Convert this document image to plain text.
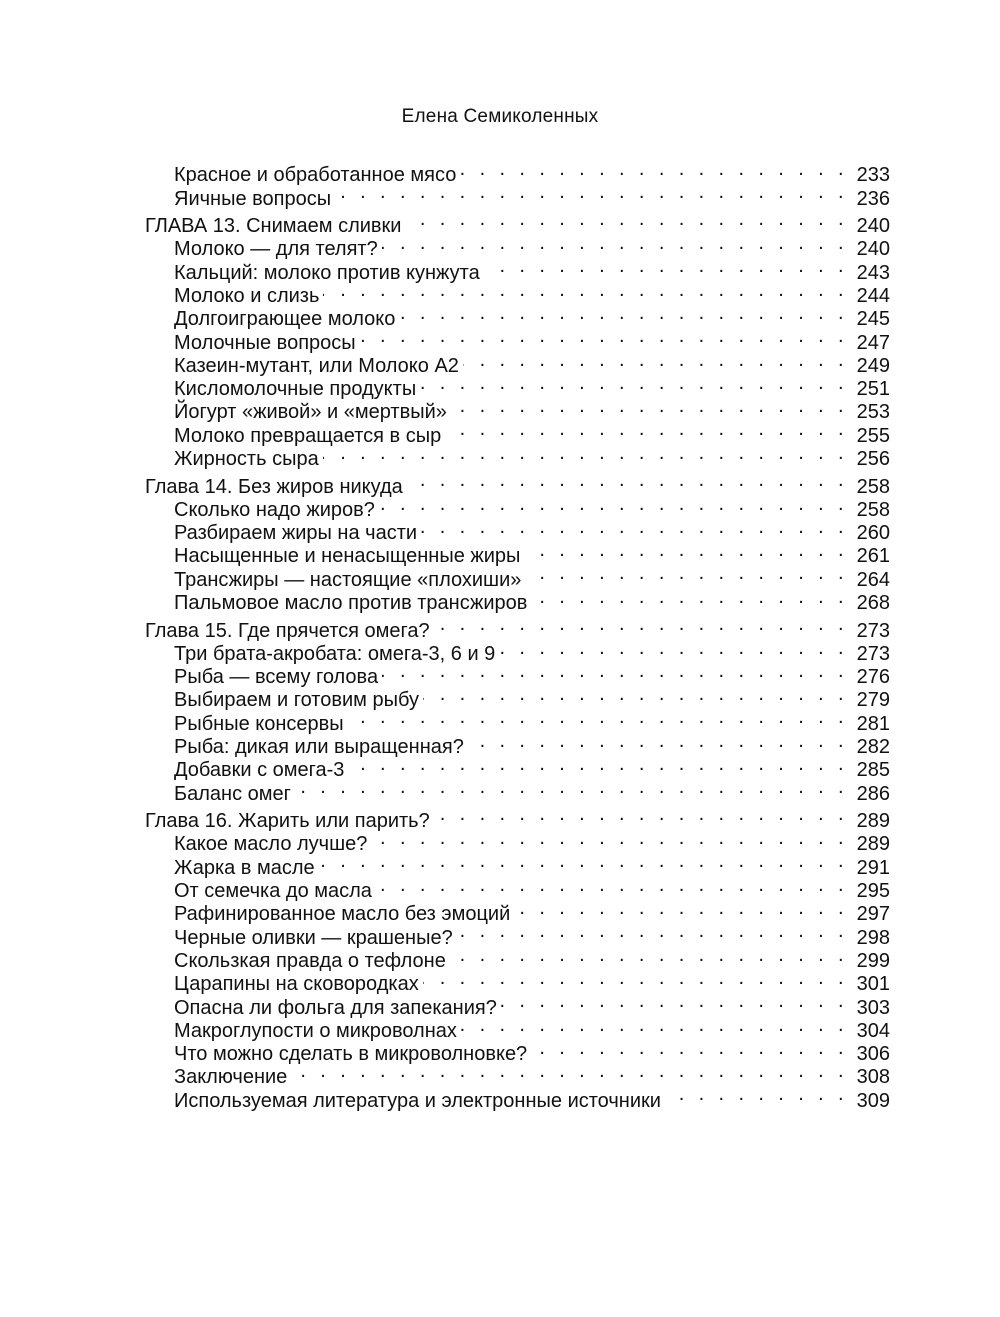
Елена Семиколенных
Красное и обработанное мясо . . .	233
Яичные вопросы . . .	236
ГЛАВА 13. Снимаем сливки . . .	240
Молоко — для телят? . . .	240
Кальций: молоко против кунжута . . .	243
Молоко и слизь . . .	244
Долгоиграющее молоко . . .	245
Молочные вопросы . . .	247
Казеин-мутант, или Молоко А2 . . .	249
Кисломолочные продукты . . .	251
Йогурт «живой» и «мертвый» . . .	253
Молоко превращается в сыр . . .	255
Жирность сыра . . .	256
Глава 14. Без жиров никуда . . .	258
Сколько надо жиров? . . .	258
Разбираем жиры на части . . .	260
Насыщенные и ненасыщенные жиры . . .	261
Трансжиры — настоящие «плохиши» . . .	264
Пальмовое масло против трансжиров . . .	268
Глава 15. Где прячется омега? . . .	273
Три брата-акробата: омега-3, 6 и 9 . . .	273
Рыба — всему голова . . .	276
Выбираем и готовим рыбу . . .	279
Рыбные консервы . . .	281
Рыба: дикая или выращенная? . . .	282
Добавки с омега-3 . . .	285
Баланс омег . . .	286
Глава 16. Жарить или парить? . . .	289
Какое масло лучше? . . .	289
Жарка в масле . . .	291
От семечка до масла . . .	295
Рафинированное масло без эмоций . . .	297
Черные оливки — крашеные? . . .	298
Скользкая правда о тефлоне . . .	299
Царапины на сковородках . . .	301
Опасна ли фольга для запекания? . . .	303
Макроглупости о микроволнах . . .	304
Что можно сделать в микроволновке? . . .	306
Заключение . . .	308
Используемая литература и электронные источники . . .	309
